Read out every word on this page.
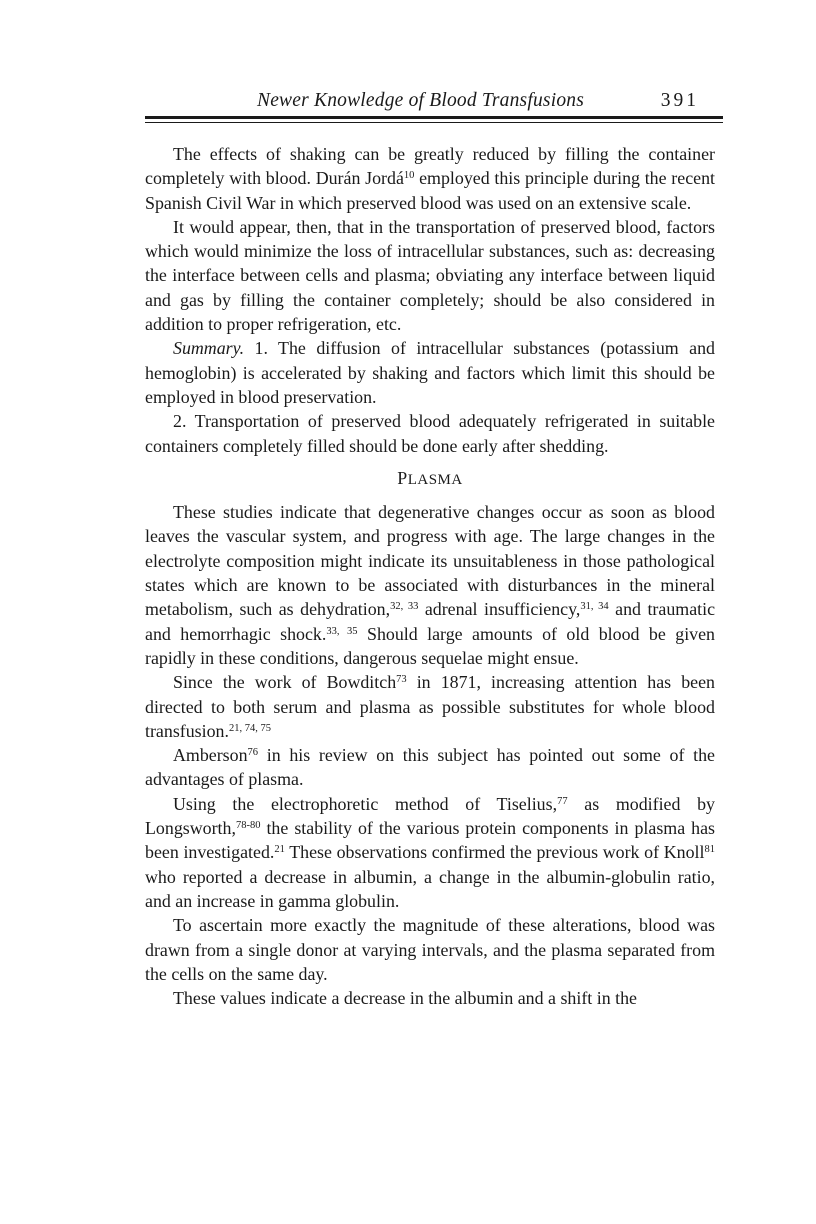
Newer Knowledge of Blood Transfusions	391

The effects of shaking can be greatly reduced by filling the container completely with blood. Durán Jordá$^{10}$ employed this principle during the recent Spanish Civil War in which preserved blood was used on an extensive scale.

It would appear, then, that in the transportation of preserved blood, factors which would minimize the loss of intracellular substances, such as: decreasing the interface between cells and plasma; obviating any interface between liquid and gas by filling the container completely; should be also considered in addition to proper refrigeration, etc.

Summary. 1. The diffusion of intracellular substances (potassium and hemoglobin) is accelerated by shaking and factors which limit this should be employed in blood preservation.

2. Transportation of preserved blood adequately refrigerated in suitable containers completely filled should be done early after shedding.

PLASMA

These studies indicate that degenerative changes occur as soon as blood leaves the vascular system, and progress with age. The large changes in the electrolyte composition might indicate its unsuitableness in those pathological states which are known to be associated with disturbances in the mineral metabolism, such as dehydration,$^{32, 33}$ adrenal insufficiency,$^{31, 34}$ and traumatic and hemorrhagic shock.$^{33, 35}$ Should large amounts of old blood be given rapidly in these conditions, dangerous sequelae might ensue.

Since the work of Bowditch$^{73}$ in 1871, increasing attention has been directed to both serum and plasma as possible substitutes for whole blood transfusion.$^{21, 74, 75}$

Amberson$^{76}$ in his review on this subject has pointed out some of the advantages of plasma.

Using the electrophoretic method of Tiselius,$^{77}$ as modified by Longsworth,$^{78-80}$ the stability of the various protein components in plasma has been investigated.$^{21}$ These observations confirmed the previous work of Knoll$^{81}$ who reported a decrease in albumin, a change in the albumin-globulin ratio, and an increase in gamma globulin.

To ascertain more exactly the magnitude of these alterations, blood was drawn from a single donor at varying intervals, and the plasma separated from the cells on the same day.

These values indicate a decrease in the albumin and a shift in the
